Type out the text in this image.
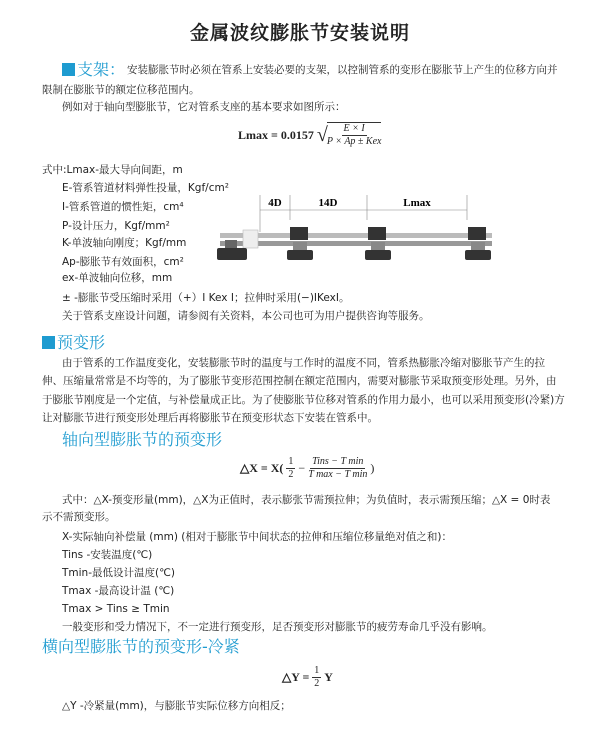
金属波纹膨胀节安装说明
支架： 安装膨胀节时必须在管系上安装必要的支架，以控制管系的变形在膨胀节上产生的位移方向并
限制在膨胀节的额定位移范围内。
例如对于轴向型膨胀节，它对管系支座的基本要求如图所示：
Lmax = 0.0157 √ E × I
P × Ap ± Kex
式中:Lmax-最大导向间距，m
E-管系管道材料弹性投量，Kgf/cm²
I-管系管道的惯性矩，cm⁴
P-设计压力，Kgf/mm²
K-单波轴向刚度；Kgf/mm
Ap-膨胀节有效面积，cm²
ex-单波轴向位移，mm
± -膨胀节受压缩时采用（+）I Kex I；拉伸时采用(−)IKexI。
关于管系支座设计问题，请参阅有关资料，本公司也可为用户提供咨询等服务。
4D	14D	Lmax
预变形
由于管系的工作温度变化，安装膨胀节时的温度与工作时的温度不同，管系热膨胀冷缩对膨胀节产生的拉
伸、压缩量常常是不均等的，为了膨胀节变形范围控制在额定范围内，需要对膨胀节采取预变形处理。另外，由
于膨胀节刚度是一个定值，与补偿量成正比。为了使膨胀节位移对管系的作用力最小，也可以采用预变形(冷紧)方
让对膨胀节进行预变形处理后再将膨胀节在预变形状态下安装在管系中。
轴向型膨胀节的预变形
△X = $X( \frac{1}{2}$ − Tins − T min
T max − T min )
式中：△X-预变形量(mm)，△X为正值时，表示膨张节需预拉伸；为负值时，表示需预压缩；△X = 0时表
示不需预变形。
X-实际轴向补偿量 (mm) (相对于膨胀节中间状态的拉伸和压缩位移量绝对值之和)：
Tins -安装温度(℃)
Tmin-最低设计温度(℃)
Tmax -最高设计温 (℃)
Tmax > Tins ≥ Tmin
一般变形和受力情况下，不一定进行预变形，足否预变形对膨胀节的疲劳寿命几乎没有影响。
横向型膨胀节的预变形-冷紧
△Y = $\frac{1}{2}$ Y
△Y -冷紧量(mm)，与膨胀节实际位移方向相反；
